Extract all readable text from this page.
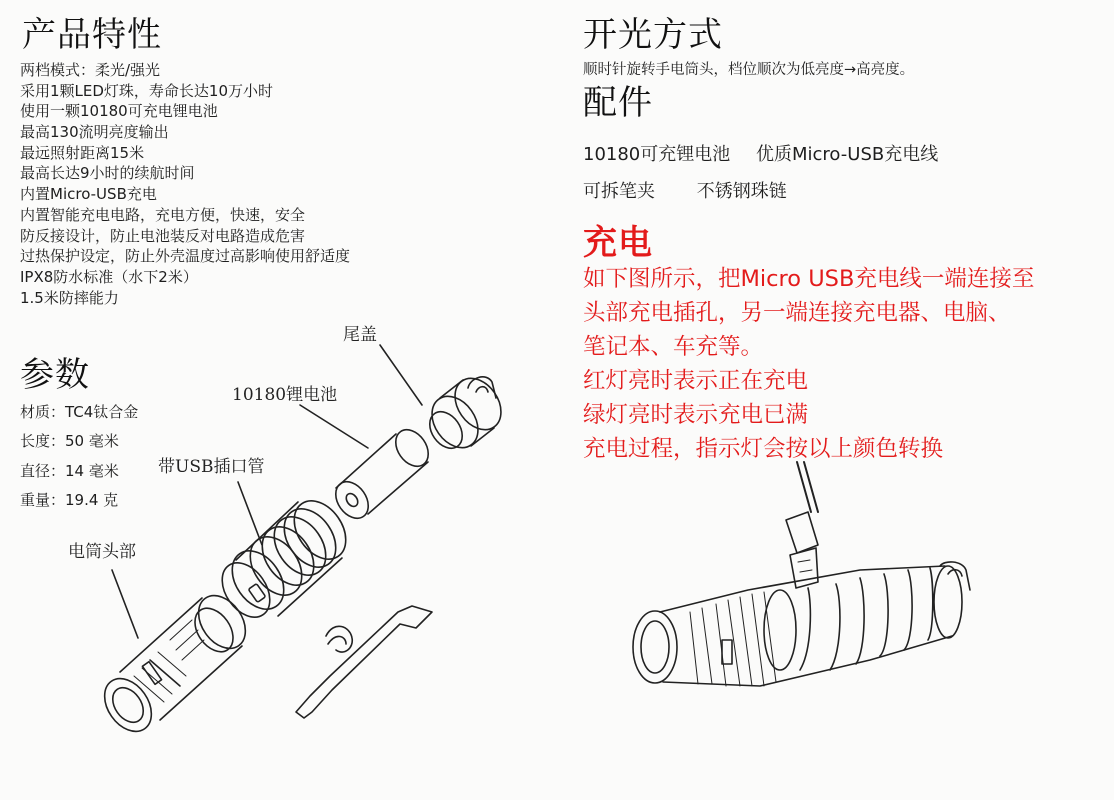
产品特性
两档模式：柔光/强光
采用1颗LED灯珠，寿命长达10万小时
使用一颗10180可充电锂电池
最高130流明亮度输出
最远照射距离15米
最高长达9小时的续航时间
内置Micro-USB充电
内置智能充电电路，充电方便，快速，安全
防反接设计，防止电池装反对电路造成危害
过热保护设定，防止外壳温度过高影响使用舒适度
IPX8防水标准（水下2米）
1.5米防摔能力
参数
材质：TC4钛合金
长度：50 毫米
直径：14 毫米
重量：19.4 克
尾盖
10180锂电池
带USB插口管
电筒头部
开光方式

顺时针旋转手电筒头，档位顺次为低亮度→高亮度。

配件
10180可充锂电池 优质Micro-USB充电线
可拆笔夹 不锈钢珠链
充电
如下图所示，把Micro USB充电线一端连接至
头部充电插孔，另一端连接充电器、电脑、
笔记本、车充等。
红灯亮时表示正在充电
绿灯亮时表示充电已满
充电过程，指示灯会按以上颜色转换
